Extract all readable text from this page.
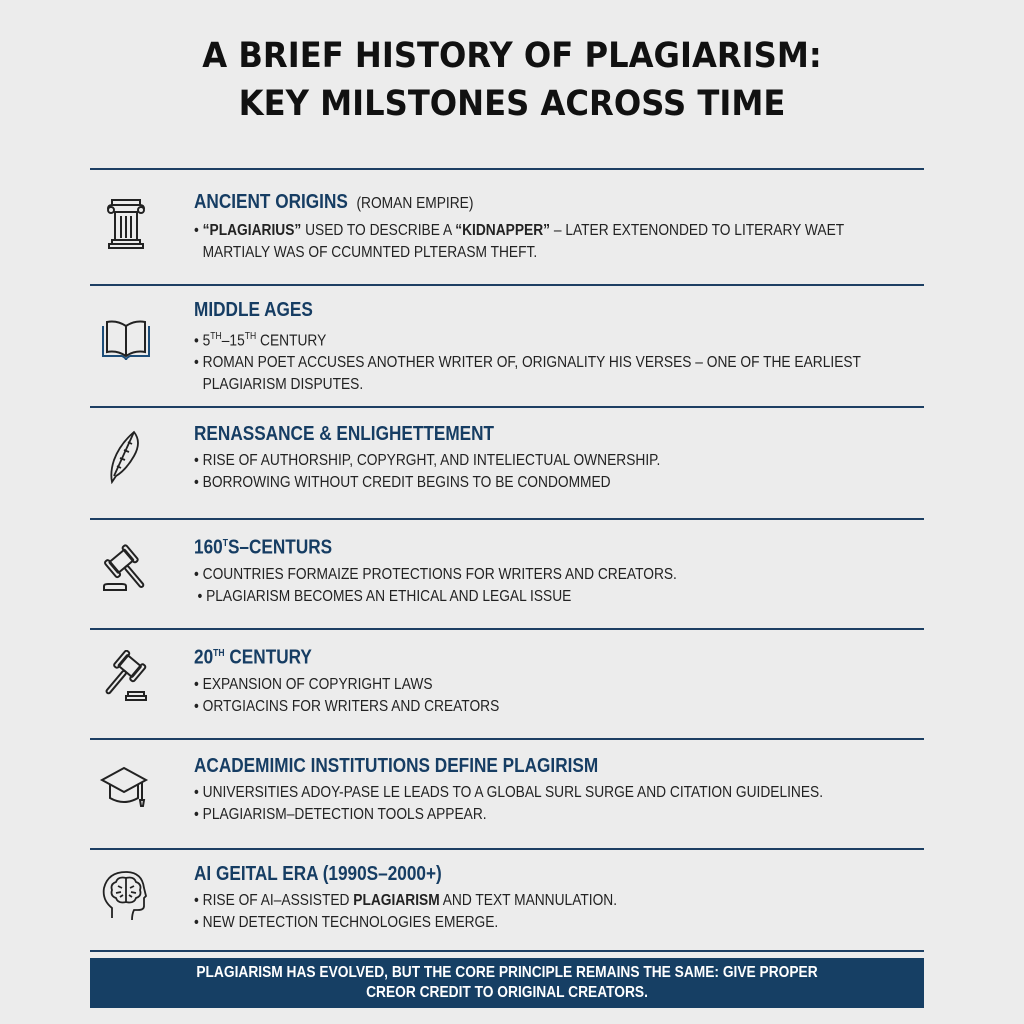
A BRIEF HISTORY OF PLAGIARISM:
KEY MILSTONES ACROSS TIME
ANCIENT ORIGINS (ROMAN EMPIRE)
• “PLAGIARIUS” USED TO DESCRIBE A “KIDNAPPER” – LATER EXTENONDED TO LITERARY WAET
MARTIALY WAS OF CCUMNTED PLTERASM THEFT.
MIDDLE AGES
• 5TH–15TH CENTURY
• ROMAN POET ACCUSES ANOTHER WRITER OF, ORIGNALITY HIS VERSES – ONE OF THE EARLIEST
PLAGIARISM DISPUTES.
RENASSANCE & ENLIGHETTEMENT
• RISE OF AUTHORSHIP, COPYRGHT, AND INTELIECTUAL OWNERSHIP.
• BORROWING WITHOUT CREDIT BEGINS TO BE CONDOMMED
$160^TS$–CENTURS
• COUNTRIES FORMAIZE PROTECTIONS FOR WRITERS AND CREATORS.
• PLAGIARISM BECOMES AN ETHICAL AND LEGAL ISSUE
20TH CENTURY
• EXPANSION OF COPYRIGHT LAWS
• ORTGIACINS FOR WRITERS AND CREATORS
ACADEMIMIC INSTITUTIONS DEFINE PLAGIRISM
• UNIVERSITIES ADOY-PASE LE LEADS TO A GLOBAL SURL SURGE AND CITATION GUIDELINES.
• PLAGIARISM–DETECTION TOOLS APPEAR.
AI GEITAL ERA (1990S–2000+)
• RISE OF AI–ASSISTED PLAGIARISM AND TEXT MANNULATION.
• NEW DETECTION TECHNOLOGIES EMERGE.
PLAGIARISM HAS EVOLVED, BUT THE CORE PRINCIPLE REMAINS THE SAME: GIVE PROPER
CREOR CREDIT TO ORIGINAL CREATORS.
